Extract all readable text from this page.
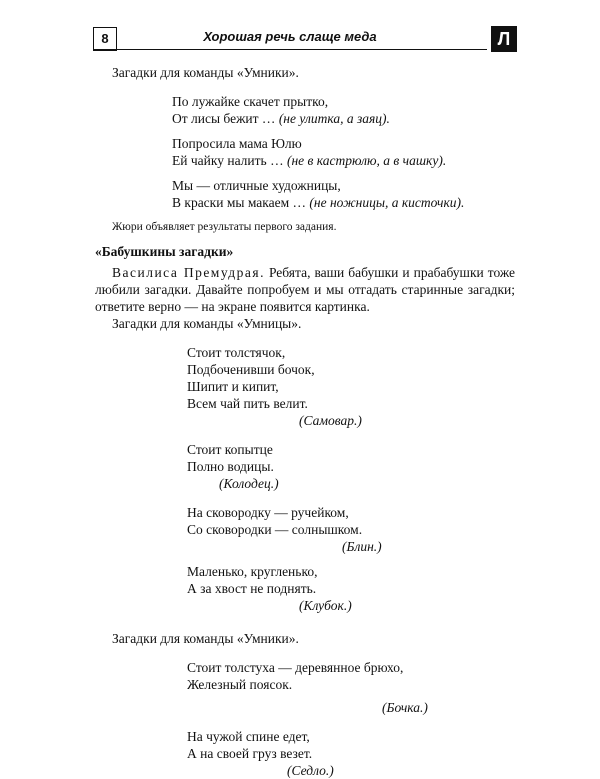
8	Хорошая речь слаще меда	Л
Загадки для команды «Умники».
По лужайке скачет прытко,
От лисы бежит … (не улитка, а заяц).
Попросила мама Юлю
Ей чайку налить … (не в кастрюлю, а в чашку).
Мы — отличные художницы,
В краски мы макаем … (не ножницы, а кисточки).
Жюри объявляет результаты первого задания.
«Бабушкины загадки»
Василиса Премудрая. Ребята, ваши бабушки и прабабушки тоже любили загадки. Давайте попробуем и мы отгадать старинные загадки; ответите верно — на экране появится картинка.
Загадки для команды «Умницы».
Стоит толстячок,
Подбоченивши бочок,
Шипит и кипит,
Всем чай пить велит.
(Самовар.)
Стоит копытце
Полно водицы.
(Колодец.)
На сковородку — ручейком,
Со сковородки — солнышком.
(Блин.)
Маленько, кругленько,
А за хвост не поднять.
(Клубок.)
Загадки для команды «Умники».
Стоит толстуха — деревянное брюхо,
Железный поясок.
(Бочка.)
На чужой спине едет,
А на своей груз везет.
(Седло.)
